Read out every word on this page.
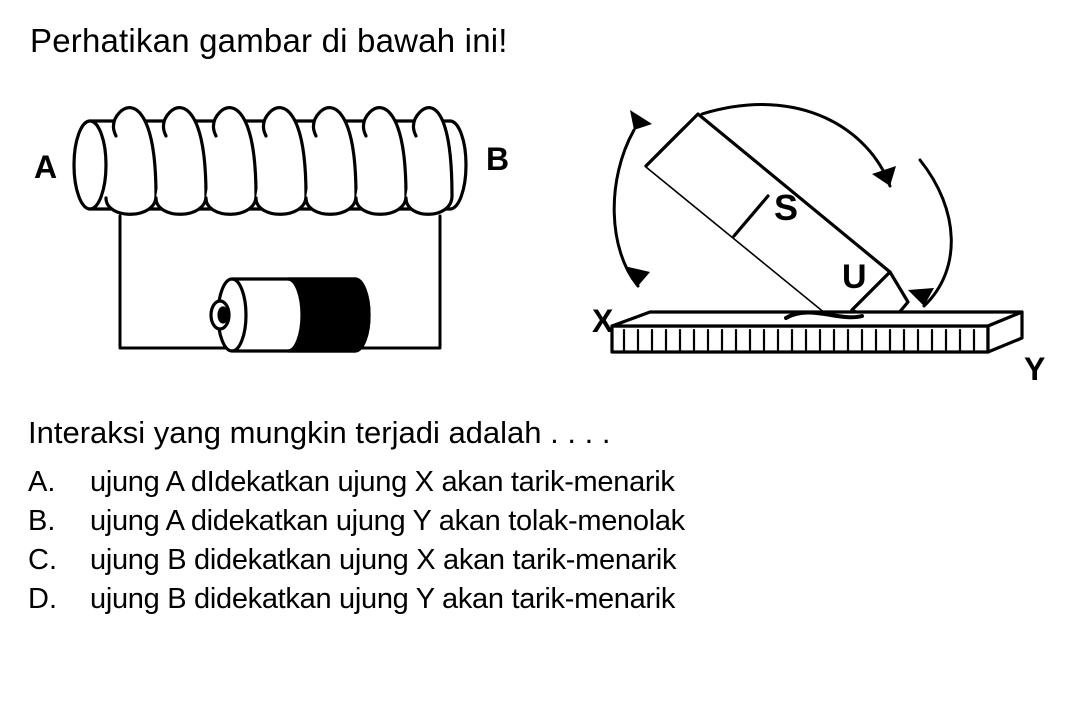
Perhatikan gambar di bawah ini!
A	B
S
U
X
Y
Interaksi yang mungkin terjadi adalah . . . .
A.	ujung A dIdekatkan ujung X akan tarik-menarik
B.	ujung A didekatkan ujung Y akan tolak-menolak
C.	ujung B didekatkan ujung X akan tarik-menarik
D.	ujung B didekatkan ujung Y akan tarik-menarik
